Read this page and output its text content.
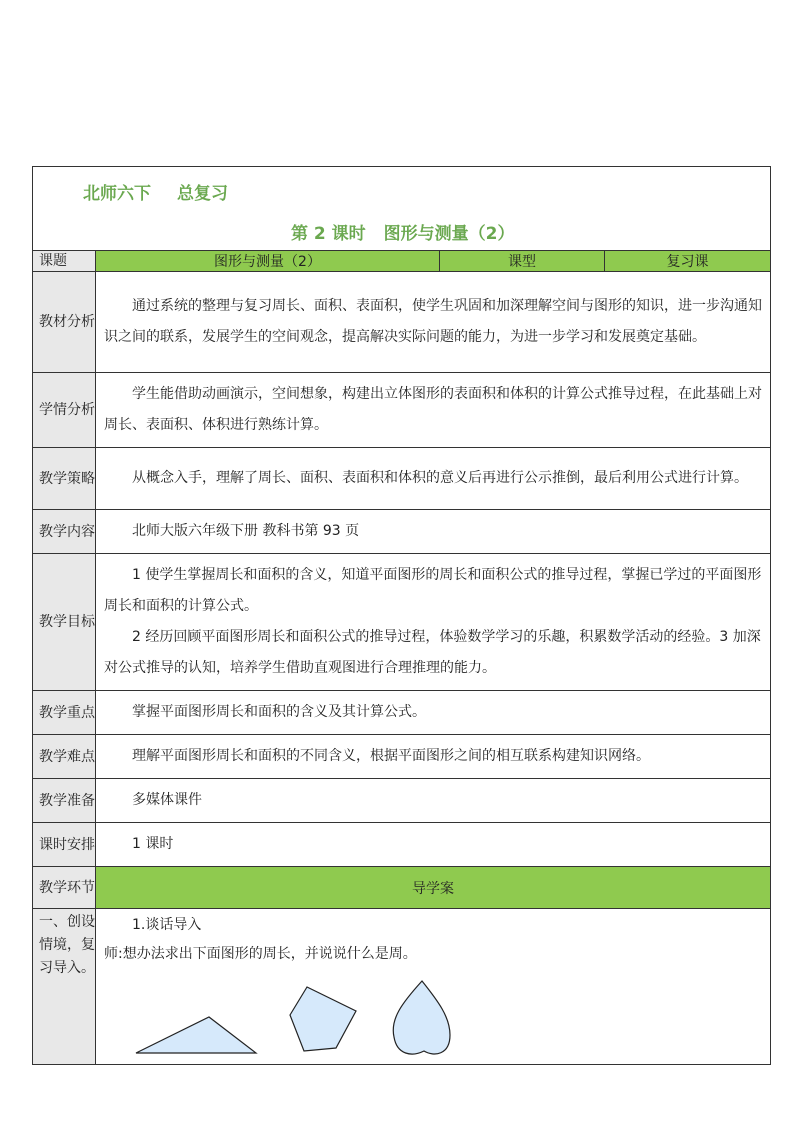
北师六下 总复习
第 2 课时 图形与测量（2）			

课题	图形与测量（2）	课型	复习课
教材分析	通过系统的整理与复习周长、面积、表面积，使学生巩固和加深理解空间与图形的知识，进一步沟通知识之间的联系，发展学生的空间观念，提高解决实际问题的能力，为进一步学习和发展奠定基础。		

学情分析	学生能借助动画演示，空间想象，构建出立体图形的表面积和体积的计算公式推导过程，在此基础上对周长、表面积、体积进行熟练计算。		

教学策略	从概念入手，理解了周长、面积、表面积和体积的意义后再进行公示推倒，最后利用公式进行计算。		

教学内容	北师大版六年级下册 教科书第 93 页		

教学目标	1 使学生掌握周长和面积的含义，知道平面图形的周长和面积公式的推导过程，掌握已学过的平面图形周长和面积的计算公式。
2 经历回顾平面图形周长和面积公式的推导过程，体验数学学习的乐趣，积累数学活动的经验。3 加深对公式推导的认知，培养学生借助直观图进行合理推理的能力。		

教学重点	掌握平面图形周长和面积的含义及其计算公式。		

教学难点	理解平面图形周长和面积的不同含义，根据平面图形之间的相互联系构建知识网络。		

教学准备	多媒体课件		

课时安排	1 课时		

教学环节	导学案		
一、创设情境，复习导入。	1.谈话导入
师:想办法求出下面图形的周长，并说说什么是周。		
